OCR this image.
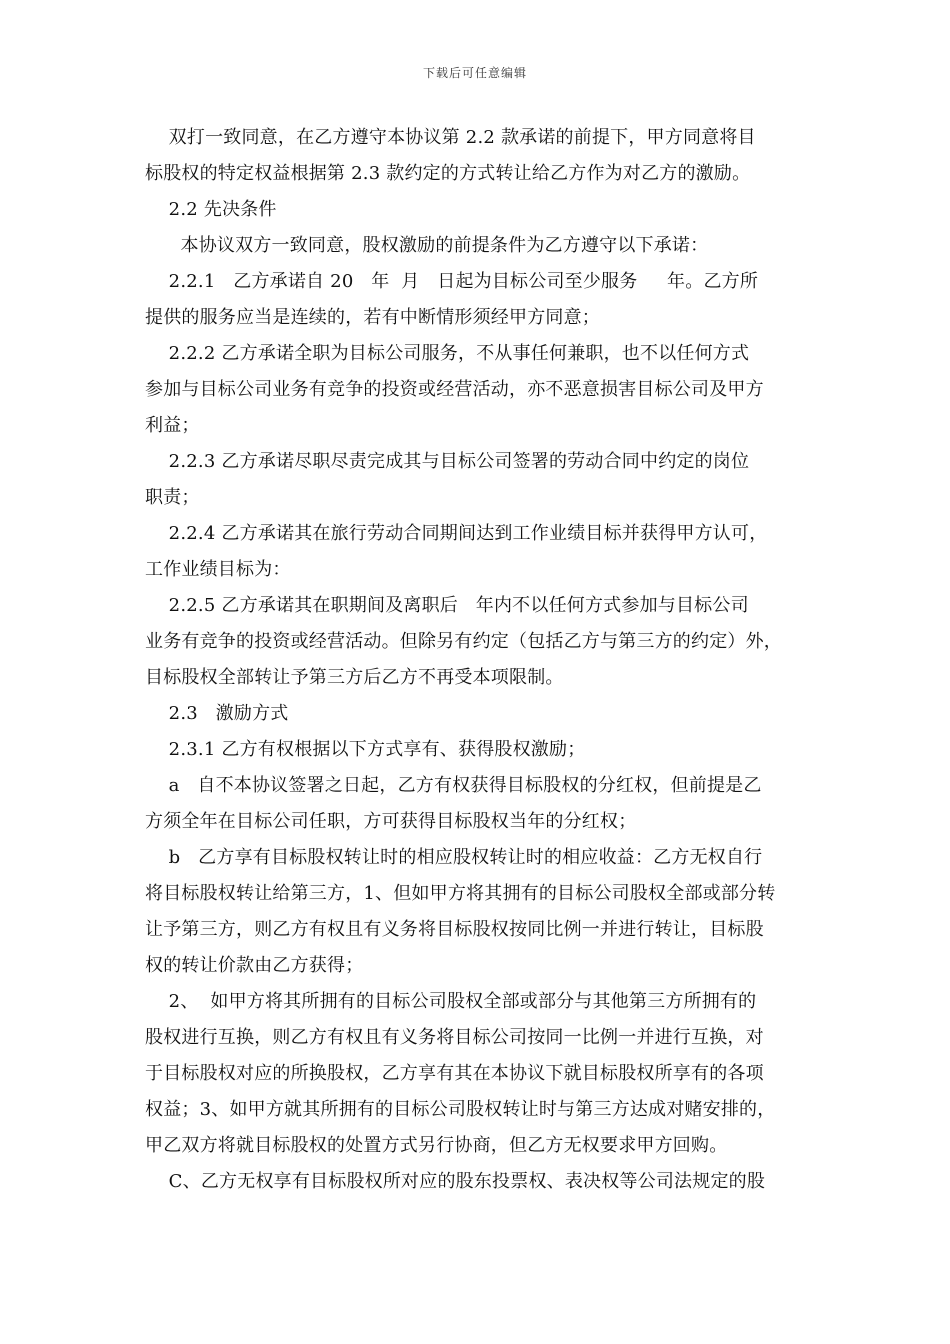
下载后可任意编辑

双打一致同意，在乙方遵守本协议第 2.2 款承诺的前提下，甲方同意将目

标股权的特定权益根据第 2.3 款约定的方式转让给乙方作为对乙方的激励。

2.2 先决条件

本协议双方一致同意，股权激励的前提条件为乙方遵守以下承诺：

2.2.1   乙方承诺自 20   年  月   日起为目标公司至少服务     年。乙方所

提供的服务应当是连续的，若有中断情形须经甲方同意；

2.2.2 乙方承诺全职为目标公司服务，不从事任何兼职，也不以任何方式

参加与目标公司业务有竞争的投资或经营活动，亦不恶意损害目标公司及甲方

利益；

2.2.3 乙方承诺尽职尽责完成其与目标公司签署的劳动合同中约定的岗位

职责；

2.2.4 乙方承诺其在旅行劳动合同期间达到工作业绩目标并获得甲方认可，

工作业绩目标为：

2.2.5 乙方承诺其在职期间及离职后   年内不以任何方式参加与目标公司

业务有竞争的投资或经营活动。但除另有约定（包括乙方与第三方的约定）外，

目标股权全部转让予第三方后乙方不再受本项限制。

2.3   激励方式

2.3.1 乙方有权根据以下方式享有、获得股权激励；

a   自不本协议签署之日起，乙方有权获得目标股权的分红权，但前提是乙

方须全年在目标公司任职，方可获得目标股权当年的分红权；

b   乙方享有目标股权转让时的相应股权转让时的相应收益：乙方无权自行

将目标股权转让给第三方，1、但如甲方将其拥有的目标公司股权全部或部分转

让予第三方，则乙方有权且有义务将目标股权按同比例一并进行转让，目标股

权的转让价款由乙方获得；

2、  如甲方将其所拥有的目标公司股权全部或部分与其他第三方所拥有的

股权进行互换，则乙方有权且有义务将目标公司按同一比例一并进行互换，对

于目标股权对应的所换股权，乙方享有其在本协议下就目标股权所享有的各项

权益；3、如甲方就其所拥有的目标公司股权转让时与第三方达成对赌安排的，

甲乙双方将就目标股权的处置方式另行协商，但乙方无权要求甲方回购。

C、乙方无权享有目标股权所对应的股东投票权、表决权等公司法规定的股
